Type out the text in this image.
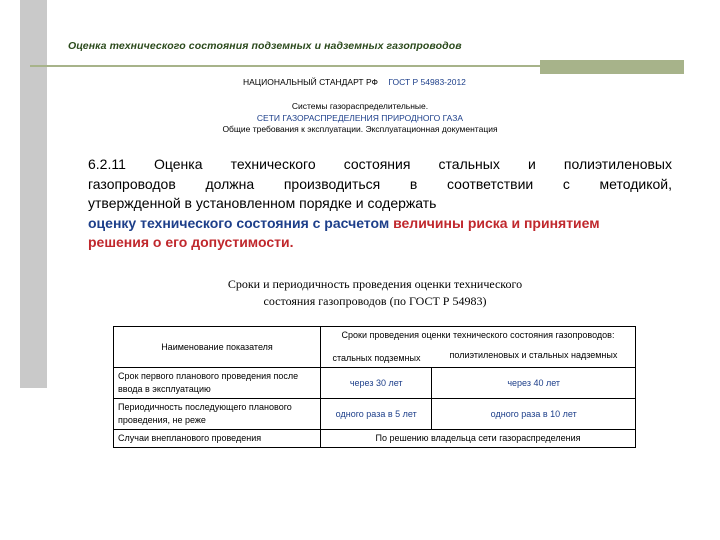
Оценка технического состояния подземных и надземных газопроводов
НАЦИОНАЛЬНЫЙ СТАНДАРТ РФ ГОСТ Р 54983-2012
Системы газораспределительные.
СЕТИ ГАЗОРАСПРЕДЕЛЕНИЯ ПРИРОДНОГО ГАЗА
Общие требования к эксплуатации. Эксплуатационная документация
6.2.11 Оценка технического состояния стальных и полиэтиленовых
газопроводов должна производиться в соответствии с методикой,
утвержденной в установленном порядке и содержать
оценку технического состояния с расчетом величины риска и принятием
решения о его допустимости.
Сроки и периодичность проведения оценки технического
состояния газопроводов (по ГОСТ Р 54983)
Наименование показателя	Сроки проведения оценки технического состояния газопроводов:	
	стальных подземных	полиэтиленовых и стальных надземных
Срок первого планового проведения после ввода в эксплуатацию	через 30 лет	через 40 лет
Периодичность последующего планового проведения, не реже	одного раза в 5 лет	одного раза в 10 лет
Случаи внепланового проведения	По решению владельца сети газораспределения	
